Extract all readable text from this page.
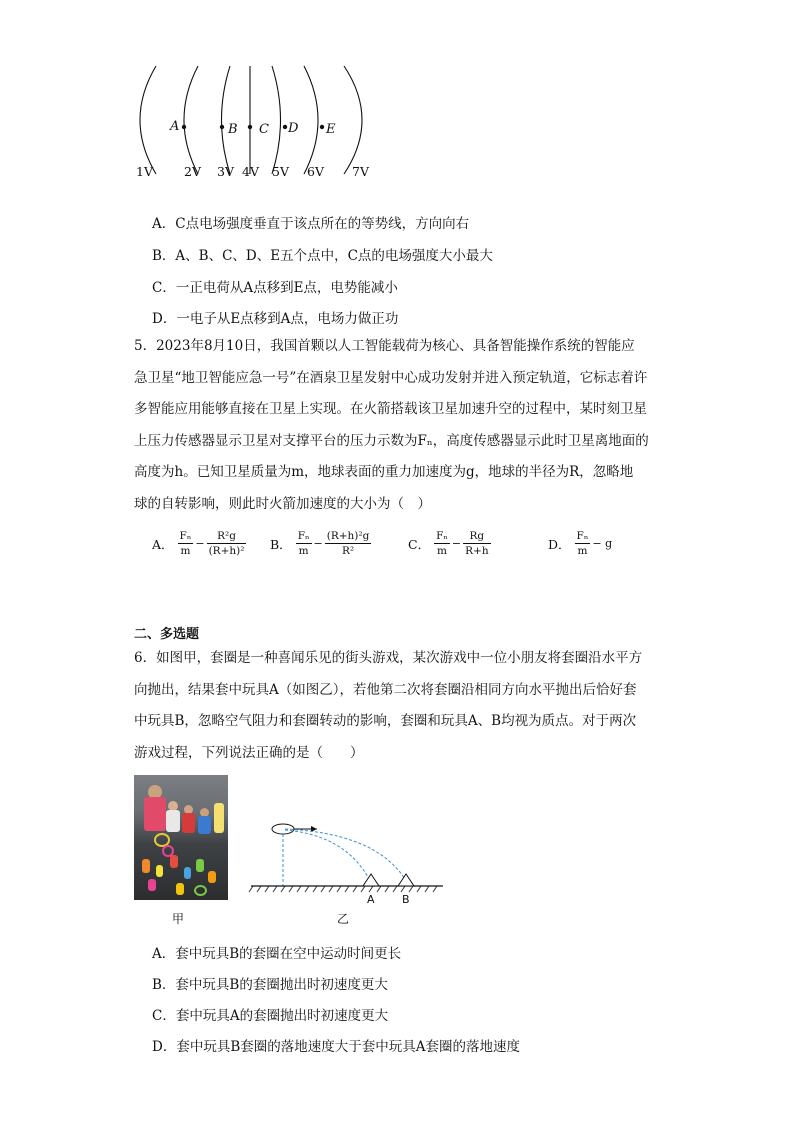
A	B C D E
1V 2V 3V 4V 5V 6V 7V
A．C点电场强度垂直于该点所在的等势线，方向向右
B．A、B、C、D、E五个点中，C点的电场强度大小最大
C．一正电荷从A点移到E点，电势能减小
D．一电子从E点移到A点，电场力做正功
5．2023年8月10日，我国首颗以人工智能载荷为核心、具备智能操作系统的智能应
急卫星“地卫智能应急一号”在酒泉卫星发射中心成功发射并进入预定轨道，它标志着许
多智能应用能够直接在卫星上实现。在火箭搭载该卫星加速升空的过程中，某时刻卫星
上压力传感器显示卫星对支撑平台的压力示数为Fₙ，高度传感器显示此时卫星离地面的
高度为h。已知卫星质量为m，地球表面的重力加速度为g，地球的半径为R，忽略地
球的自转影响，则此时火箭加速度的大小为（　）
A． $\frac{\text{Fₙ}}{m} - \frac{\text{R²g}}{\text{(R+h)²}}$ B． $\frac{\text{Fₙ}}{m} - \frac{\text{(R+h)²g}}{\text{R²}}$	C． $\frac{\text{Fₙ}}{m} - \frac{Rg}{R+h}$	D． $\frac{\text{Fₙ}}{m} - g$
二、多选题
6．如图甲，套圈是一种喜闻乐见的街头游戏，某次游戏中一位小朋友将套圈沿水平方
向抛出，结果套中玩具A（如图乙），若他第二次将套圈沿相同方向水平抛出后恰好套
中玩具B，忽略空气阻力和套圈转动的影响，套圈和玩具A、B均视为质点。对于两次
游戏过程，下列说法正确的是（　　）
甲
A B
乙
A．套中玩具B的套圈在空中运动时间更长
B．套中玩具B的套圈抛出时初速度更大
C．套中玩具A的套圈抛出时初速度更大
D．套中玩具B套圈的落地速度大于套中玩具A套圈的落地速度
